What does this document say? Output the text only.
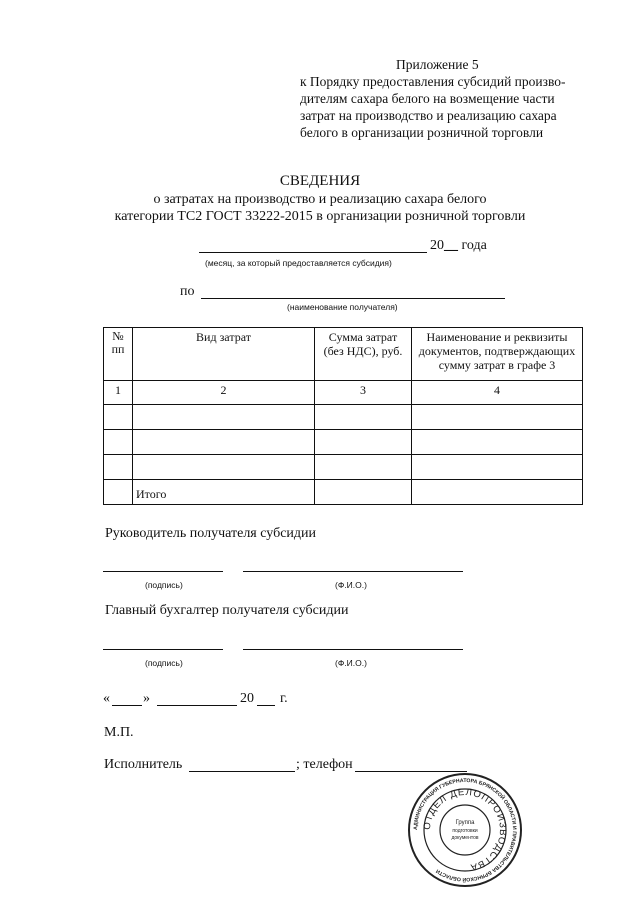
Приложение 5
к Порядку предоставления субсидий произво-
дителям сахара белого на возмещение части
затрат на производство и реализацию сахара
белого в организации розничной торговли
СВЕДЕНИЯ
о затратах на производство и реализацию сахара белого
категории ТС2 ГОСТ 33222-2015 в организации розничной торговли
20__ года
(месяц, за который предоставляется субсидия)
по
(наименование получателя)
№ пп	Вид затрат	Сумма затрат (без НДС), руб.	Наименование и реквизиты документов, подтверждающих сумму затрат в графе 3
1	2	3	4

	Итого		
Руководитель получателя субсидии
(подпись)	(Ф.И.О.)
Главный бухгалтер получателя субсидии
(подпись)	(Ф.И.О.)
« »	20 г.
М.П.
Исполнитель	; телефон
АДМИНИСТРАЦИЯ ГУБЕРНАТОРА БРЯНСКОЙ ОБЛАСТИ И ПРАВИТЕЛЬСТВА БРЯНСКОЙ ОБЛАСТИ
ОТДЕЛ ДЕЛОПРОИЗВОДСТВА
Группа
подготовки
документов
